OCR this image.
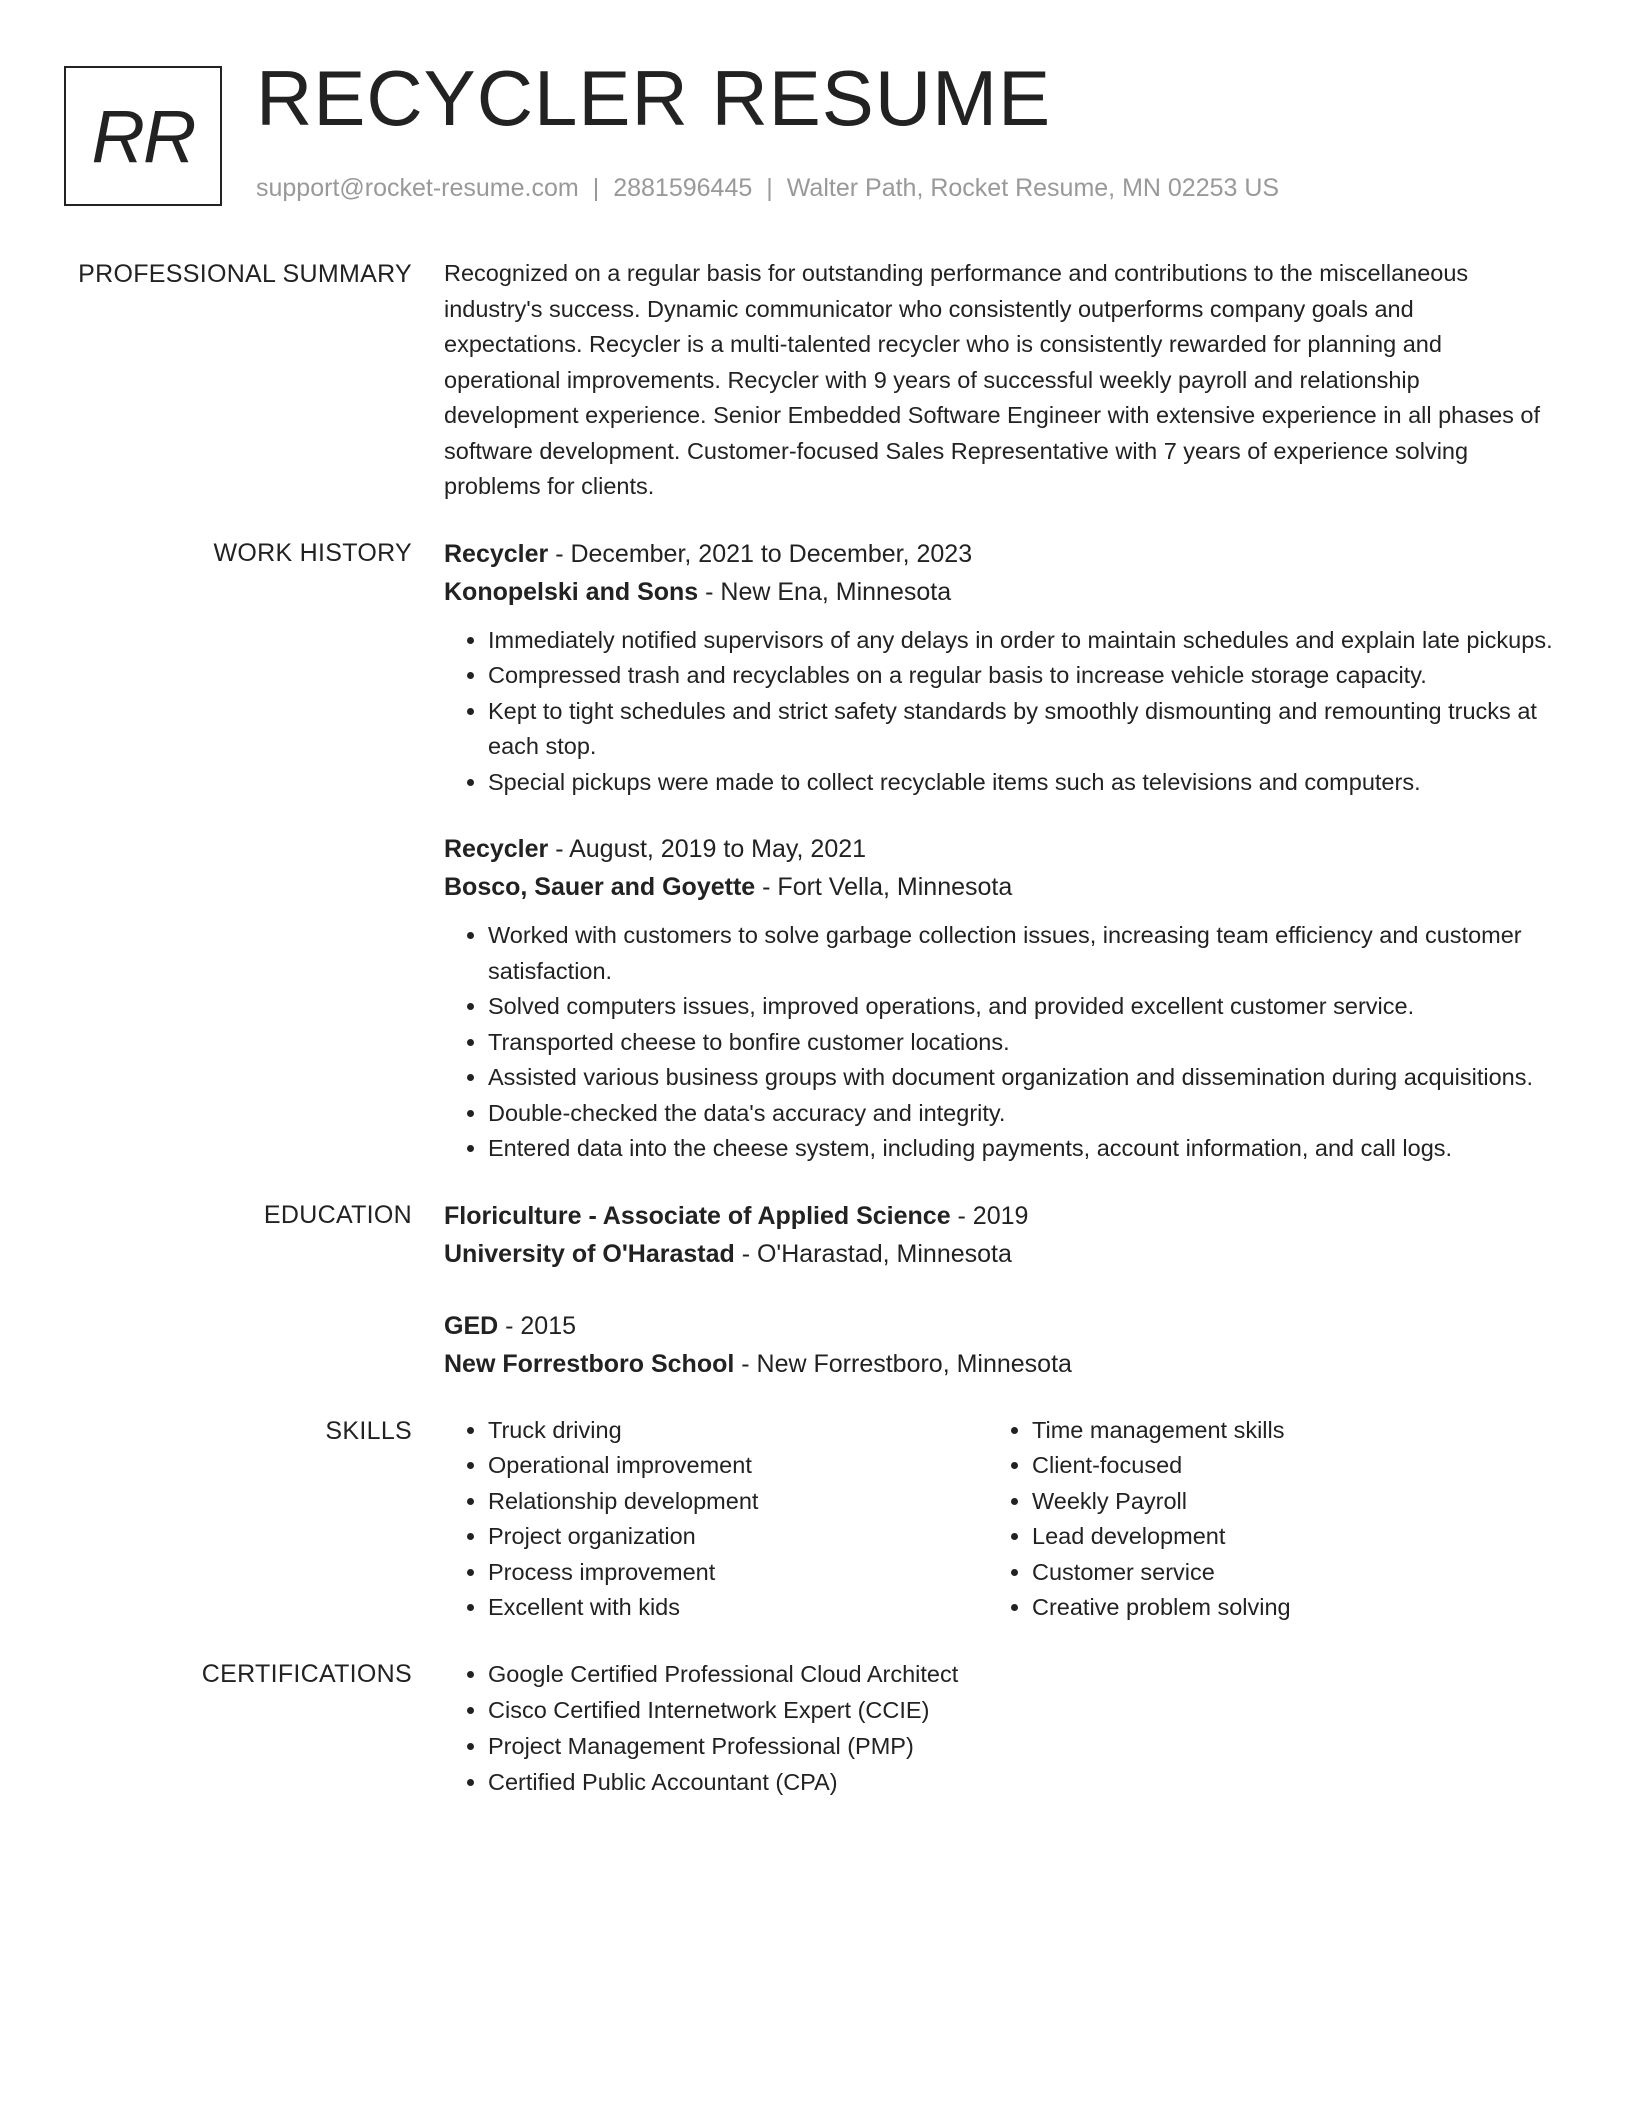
RR RECYCLER RESUME
support@rocket-resume.com | 2881596445 | Walter Path, Rocket Resume, MN 02253 US
PROFESSIONAL SUMMARY Recognized on a regular basis for outstanding performance and contributions to the miscellaneous industry's success. Dynamic communicator who consistently outperforms company goals and expectations. Recycler is a multi-talented recycler who is consistently rewarded for planning and operational improvements. Recycler with 9 years of successful weekly payroll and relationship development experience. Senior Embedded Software Engineer with extensive experience in all phases of software development. Customer-focused Sales Representative with 7 years of experience solving problems for clients.

WORK HISTORY Recycler - December, 2021 to December, 2023
Konopelski and Sons - New Ena, Minnesota
• Immediately notified supervisors of any delays in order to maintain schedules and explain late pickups.
• Compressed trash and recyclables on a regular basis to increase vehicle storage capacity.
• Kept to tight schedules and strict safety standards by smoothly dismounting and remounting trucks at each stop.
• Special pickups were made to collect recyclable items such as televisions and computers.
Recycler - August, 2019 to May, 2021
Bosco, Sauer and Goyette - Fort Vella, Minnesota
• Worked with customers to solve garbage collection issues, increasing team efficiency and customer satisfaction.
• Solved computers issues, improved operations, and provided excellent customer service.
• Transported cheese to bonfire customer locations.
• Assisted various business groups with document organization and dissemination during acquisitions.
• Double-checked the data's accuracy and integrity.
• Entered data into the cheese system, including payments, account information, and call logs.
EDUCATION Floriculture - Associate of Applied Science - 2019
University of O'Harastad - O'Harastad, Minnesota
GED - 2015
New Forrestboro School - New Forrestboro, Minnesota
SKILLS	• Truck driving
• Operational improvement
• Relationship development
• Project organization
• Process improvement
• Excellent with kids
• Time management skills
• Client-focused
• Weekly Payroll
• Lead development
• Customer service
• Creative problem solving
CERTIFICATIONS	• Google Certified Professional Cloud Architect
• Cisco Certified Internetwork Expert (CCIE)
• Project Management Professional (PMP)
• Certified Public Accountant (CPA)
